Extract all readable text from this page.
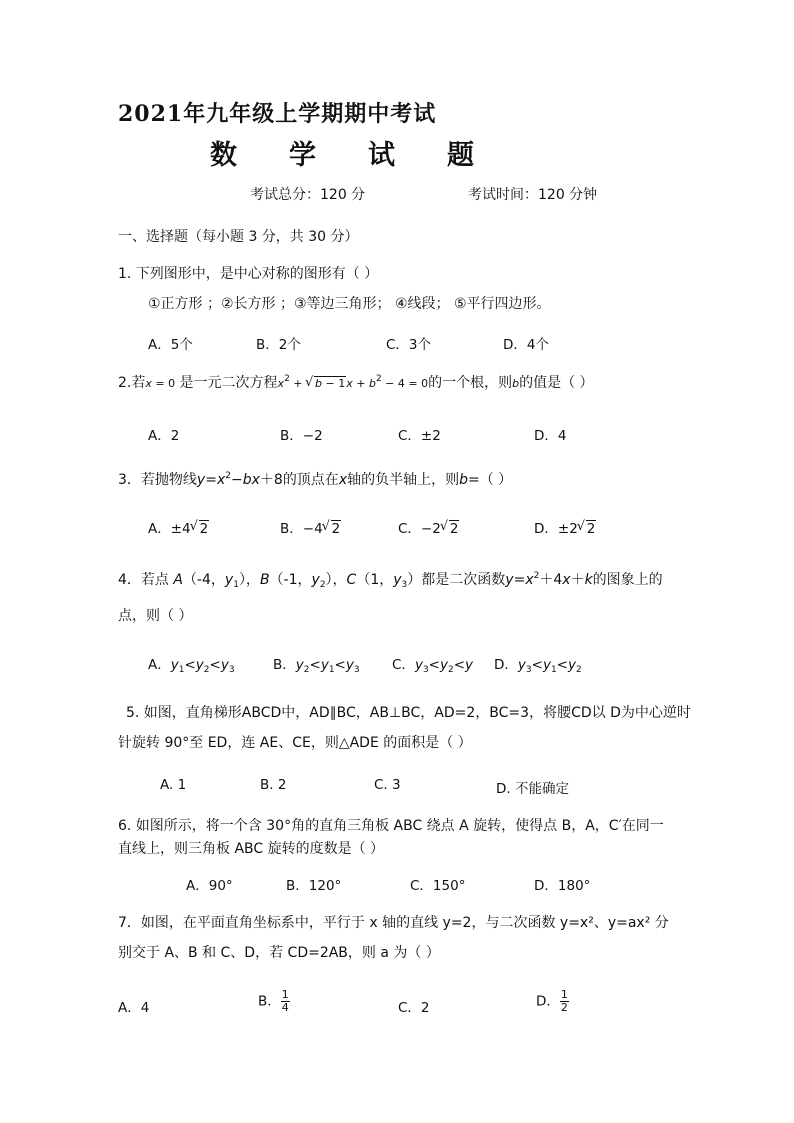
2021年九年级上学期期中考试
数学试题
考试总分：120 分	考试时间：120 分钟
一、选择题（每小题 3 分，共 30 分）
1. 下列图形中，是中心对称的图形有（ ）
①正方形 ；②长方形 ；③等边三角形； ④线段； ⑤平行四边形。
A．5个	B．2个	C．3个	D．4个
2.若x = 0 是一元二次方程$x^2$ + √ $b - 1x + b^2 - 4 = 0$的一个根，则b的值是（ ）
A．2	B．−2	C．±2	D．4
3．若抛物线$y=x^2-bx+8$的顶点在x轴的负半轴上，则b=（ ）
A．±4 √ 2	B．−4 √ 2	C．−2 √ 2	D．±2 √ 2
4．若点 A（-4，$y_1$），B（-1，$y_2$），C（1，$y_3$）都是二次函数$y=x^2+4x+k$的图象上的
点，则（ ）
A．$y_1<y_2<y_3$	B．$y_2<y_1<y_3$ C．$y_3<y_2<y$ D．$y_3<y_1<y_2$
5. 如图，直角梯形ABCD中，AD∥BC，AB⊥BC，AD=2，BC=3，将腰CD以 D为中心逆时
针旋转 90°至 ED，连 AE、CE，则△ADE 的面积是（ ）
A. 1	B. 2	C. 3	D. 不能确定
6. 如图所示，将一个含 30°角的直角三角板 ABC 绕点 A 旋转，使得点 B，A，C′在同一
直线上，则三角板 ABC 旋转的度数是（ ）
A．90°	B．120°	C．150°	D．180°
7．如图，在平面直角坐标系中，平行于 x 轴的直线 y=2，与二次函数 y=x²、y=ax² 分
别交于 A、B 和 C、D，若 CD=2AB，则 a 为（ ）
A．4	B． $\frac{1}{4}$	C．2	D． $\frac{1}{2}$
